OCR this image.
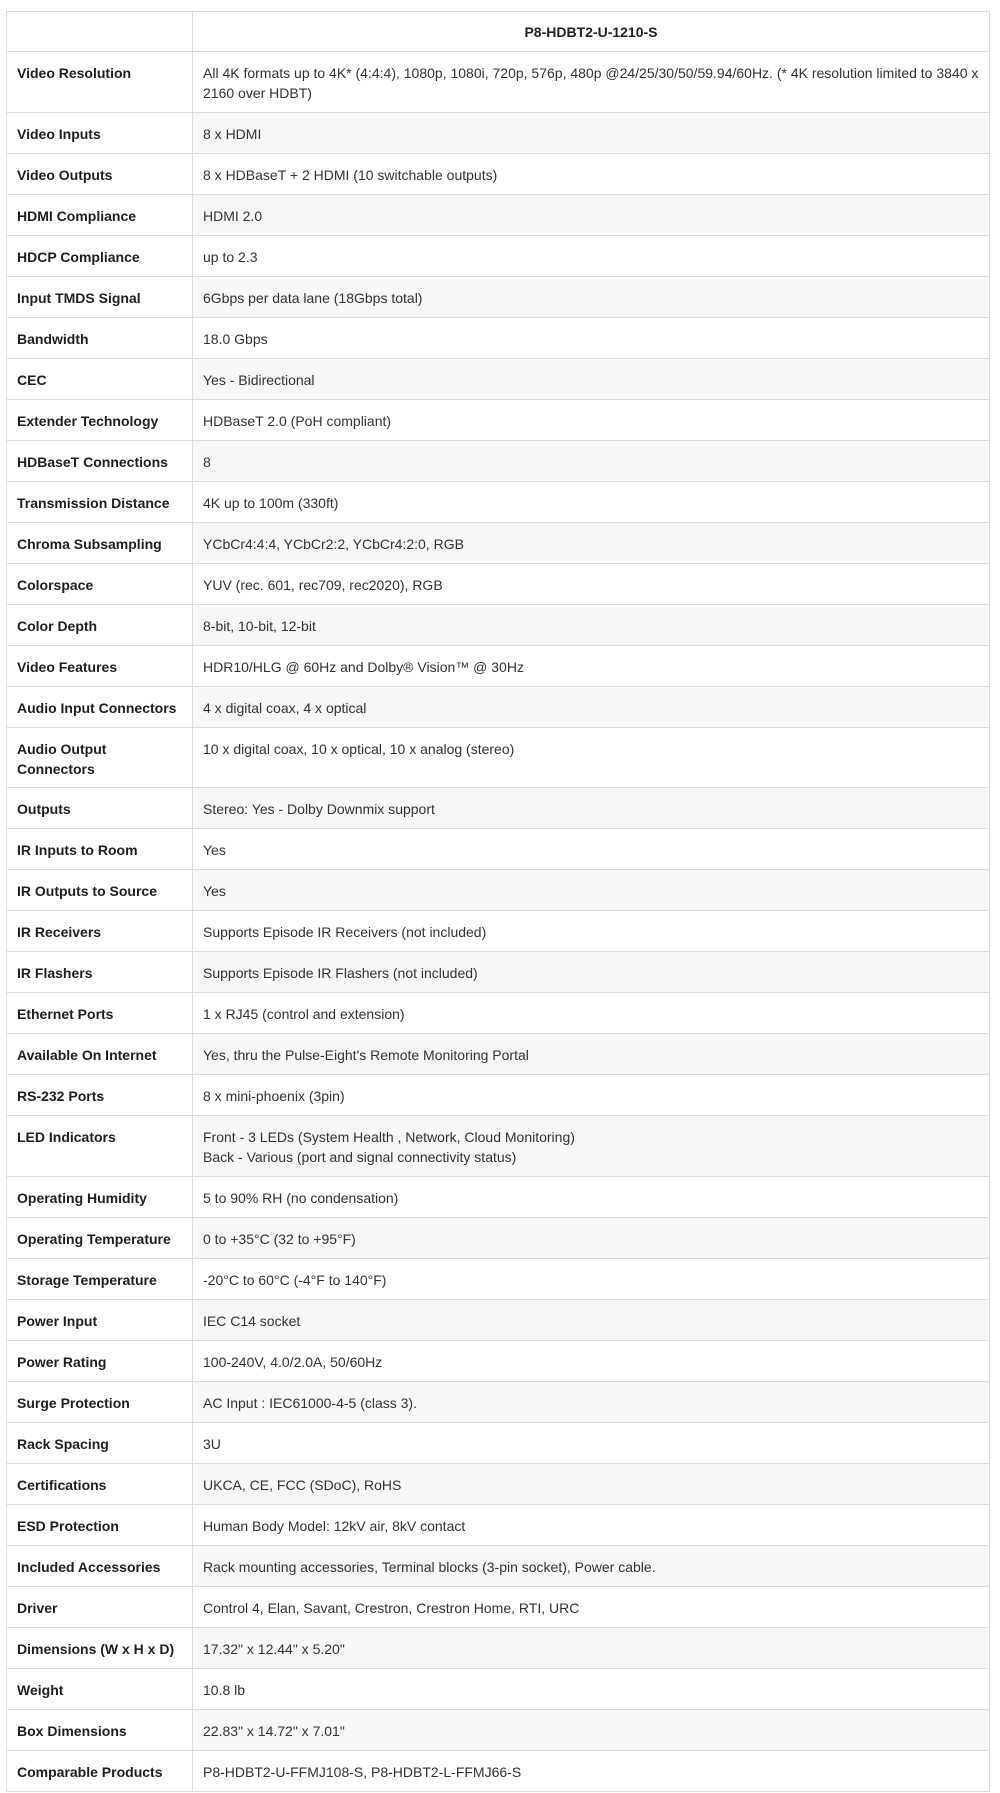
	P8-HDBT2-U-1210-S
Video Resolution	All 4K formats up to 4K* (4:4:4), 1080p, 1080i, 720p, 576p, 480p @24/25/30/50/59.94/60Hz. (* 4K resolution limited to 3840 x 2160 over HDBT)
Video Inputs	8 x HDMI
Video Outputs	8 x HDBaseT + 2 HDMI (10 switchable outputs)
HDMI Compliance	HDMI 2.0
HDCP Compliance	up to 2.3
Input TMDS Signal	6Gbps per data lane (18Gbps total)
Bandwidth	18.0 Gbps
CEC	Yes - Bidirectional
Extender Technology	HDBaseT 2.0 (PoH compliant)
HDBaseT Connections	8
Transmission Distance	4K up to 100m (330ft)
Chroma Subsampling	YCbCr4:4:4, YCbCr2:2, YCbCr4:2:0, RGB
Colorspace	YUV (rec. 601, rec709, rec2020), RGB
Color Depth	8-bit, 10-bit, 12-bit
Video Features	HDR10/HLG @ 60Hz and Dolby® Vision™ @ 30Hz
Audio Input Connectors	4 x digital coax, 4 x optical
Audio Output Connectors	10 x digital coax, 10 x optical, 10 x analog (stereo)
Outputs	Stereo: Yes - Dolby Downmix support
IR Inputs to Room	Yes
IR Outputs to Source	Yes
IR Receivers	Supports Episode IR Receivers (not included)
IR Flashers	Supports Episode IR Flashers (not included)
Ethernet Ports	1 x RJ45 (control and extension)
Available On Internet	Yes, thru the Pulse-Eight's Remote Monitoring Portal
RS-232 Ports	8 x mini-phoenix (3pin)
LED Indicators	Front - 3 LEDs (System Health , Network, Cloud Monitoring)
Back - Various (port and signal connectivity status)

Operating Humidity	5 to 90% RH (no condensation)
Operating Temperature	0 to +35°C (32 to +95°F)
Storage Temperature	-20°C to 60°C (-4°F to 140°F)
Power Input	IEC C14 socket
Power Rating	100-240V, 4.0/2.0A, 50/60Hz
Surge Protection	AC Input : IEC61000-4-5 (class 3).
Rack Spacing	3U
Certifications	UKCA, CE, FCC (SDoC), RoHS
ESD Protection	Human Body Model: 12kV air, 8kV contact
Included Accessories	Rack mounting accessories, Terminal blocks (3-pin socket), Power cable.
Driver	Control 4, Elan, Savant, Crestron, Crestron Home, RTI, URC
Dimensions (W x H x D)	17.32" x 12.44" x 5.20"
Weight	10.8 lb
Box Dimensions	22.83" x 14.72" x 7.01"
Comparable Products	P8-HDBT2-U-FFMJ108-S, P8-HDBT2-L-FFMJ66-S
